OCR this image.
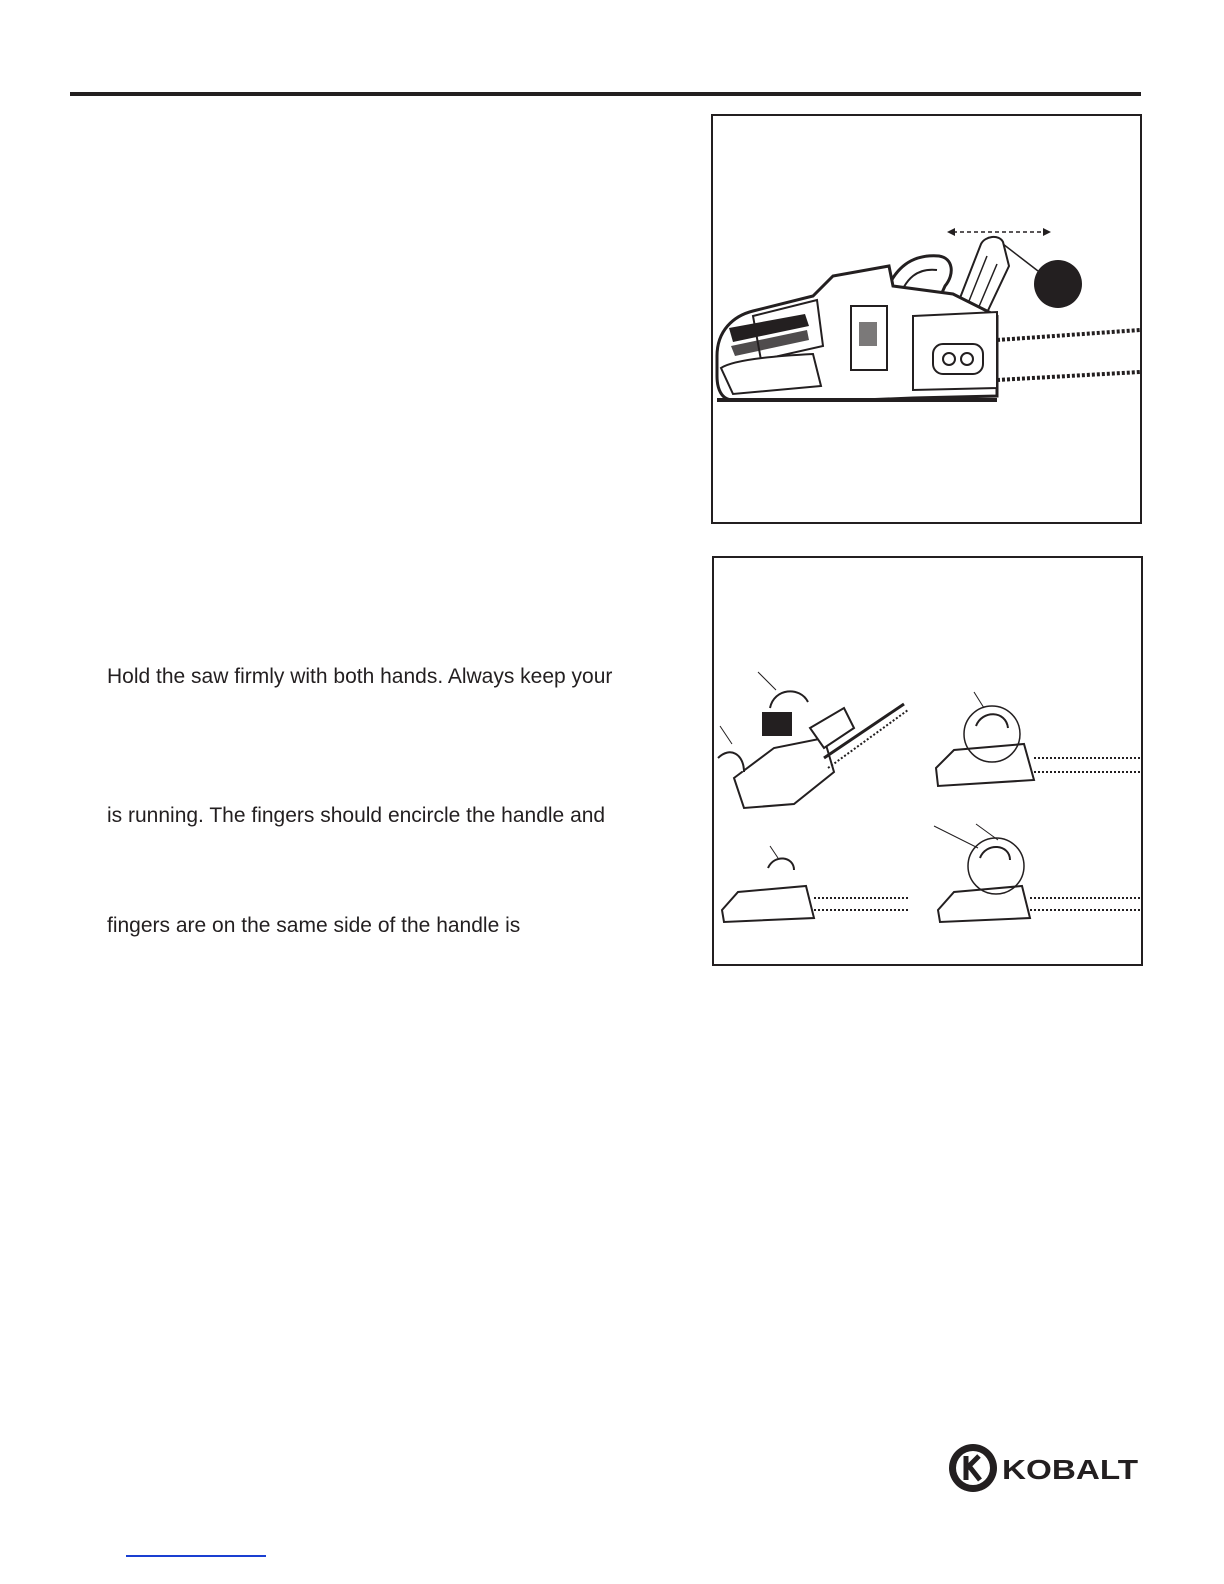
Hold the saw firmly with both hands. Always keep your

is running. The fingers should encircle the handle and

fingers are on the same side of the handle is

KOBALT
